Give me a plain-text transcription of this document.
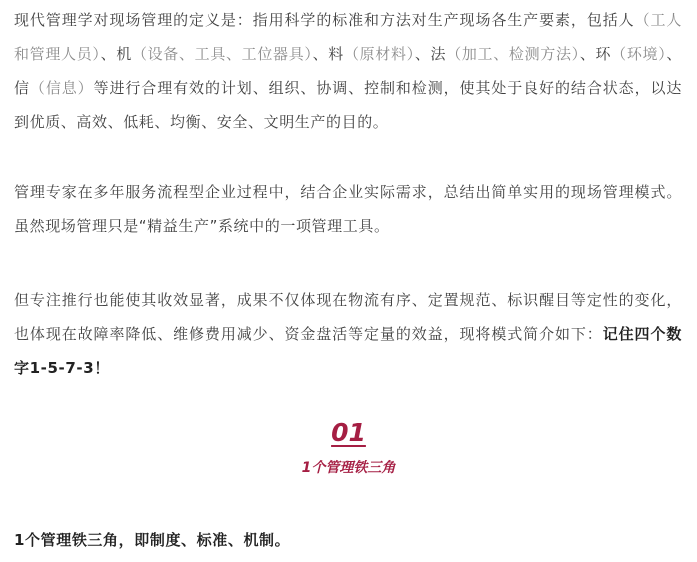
现代管理学对现场管理的定义是：指用科学的标准和方法对生产现场各生产要素，包括人（工人和管理人员）、机（设备、工具、工位器具）、料（原材料）、法（加工、检测方法）、环（环境）、信（信息）等进行合理有效的计划、组织、协调、控制和检测，使其处于良好的结合状态，以达到优质、高效、低耗、均衡、安全、文明生产的目的。

管理专家在多年服务流程型企业过程中，结合企业实际需求，总结出简单实用的现场管理模式。虽然现场管理只是“精益生产”系统中的一项管理工具。

但专注推行也能使其收效显著，成果不仅体现在物流有序、定置规范、标识醒目等定性的变化，也体现在故障率降低、维修费用减少、资金盘活等定量的效益，现将模式简介如下：记住四个数字1-5-7-3！

01
1个管理铁三角

1个管理铁三角，即制度、标准、机制。
